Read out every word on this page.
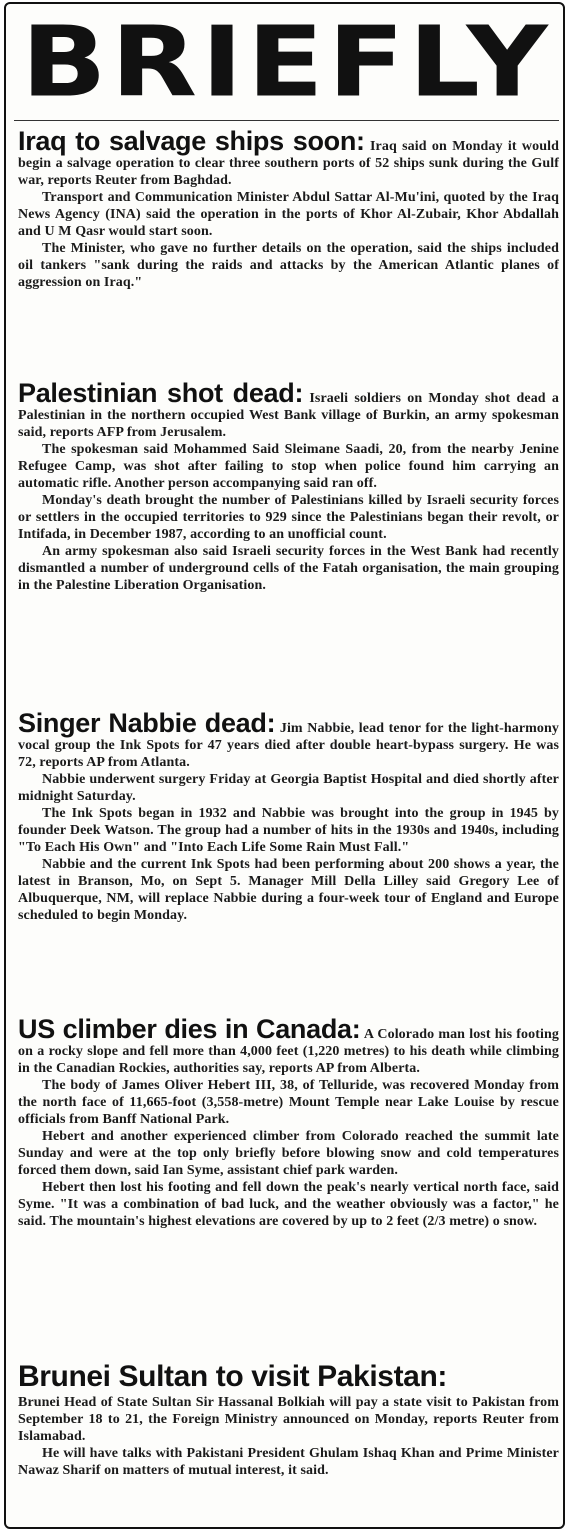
BRIEFLY

Iraq to salvage ships soon: Iraq said on Monday it would begin a salvage operation to clear three southern ports of 52 ships sunk during the Gulf war, reports Reuter from Baghdad.

Transport and Communication Minister Abdul Sattar Al-Mu'ini, quoted by the Iraq News Agency (INA) said the operation in the ports of Khor Al-Zubair, Khor Abdallah and U M Qasr would start soon.

The Minister, who gave no further details on the operation, said the ships included oil tankers "sank during the raids and attacks by the American Atlantic planes of aggression on Iraq."

Palestinian shot dead: Israeli soldiers on Monday shot dead a Palestinian in the northern occupied West Bank village of Burkin, an army spokesman said, reports AFP from Jerusalem.

The spokesman said Mohammed Said Sleimane Saadi, 20, from the nearby Jenine Refugee Camp, was shot after failing to stop when police found him carrying an automatic rifle. Another person accompanying said ran off.

Monday's death brought the number of Palestinians killed by Israeli security forces or settlers in the occupied territories to 929 since the Palestinians began their revolt, or Intifada, in December 1987, according to an unofficial count.

An army spokesman also said Israeli security forces in the West Bank had recently dismantled a number of underground cells of the Fatah organisation, the main grouping in the Palestine Liberation Organisation.

Singer Nabbie dead: Jim Nabbie, lead tenor for the light-harmony vocal group the Ink Spots for 47 years died after double heart-bypass surgery. He was 72, reports AP from Atlanta.

Nabbie underwent surgery Friday at Georgia Baptist Hospital and died shortly after midnight Saturday.

The Ink Spots began in 1932 and Nabbie was brought into the group in 1945 by founder Deek Watson. The group had a number of hits in the 1930s and 1940s, including "To Each His Own" and "Into Each Life Some Rain Must Fall."

Nabbie and the current Ink Spots had been performing about 200 shows a year, the latest in Branson, Mo, on Sept 5. Manager Mill Della Lilley said Gregory Lee of Albuquerque, NM, will replace Nabbie during a four-week tour of England and Europe scheduled to begin Monday.

US climber dies in Canada: A Colorado man lost his footing on a rocky slope and fell more than 4,000 feet (1,220 metres) to his death while climbing in the Canadian Rockies, authorities say, reports AP from Alberta.

The body of James Oliver Hebert III, 38, of Telluride, was recovered Monday from the north face of 11,665-foot (3,558-metre) Mount Temple near Lake Louise by rescue officials from Banff National Park.

Hebert and another experienced climber from Colorado reached the summit late Sunday and were at the top only briefly before blowing snow and cold temperatures forced them down, said Ian Syme, assistant chief park warden.

Hebert then lost his footing and fell down the peak's nearly vertical north face, said Syme. "It was a combination of bad luck, and the weather obviously was a factor," he said. The mountain's highest elevations are covered by up to 2 feet (2/3 metre) o snow.

Brunei Sultan to visit Pakistan:

Brunei Head of State Sultan Sir Hassanal Bolkiah will pay a state visit to Pakistan from September 18 to 21, the Foreign Ministry announced on Monday, reports Reuter from Islamabad.

He will have talks with Pakistani President Ghulam Ishaq Khan and Prime Minister Nawaz Sharif on matters of mutual interest, it said.
